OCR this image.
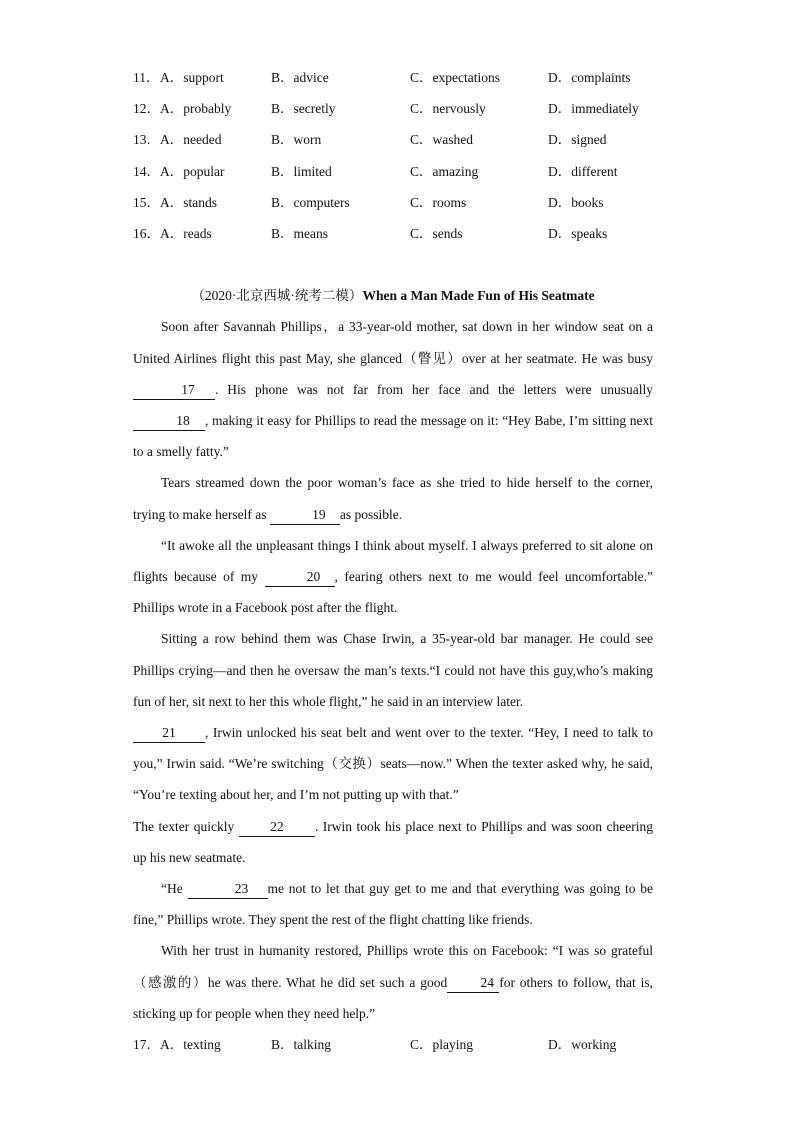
11． A．support	B．advice	C．expectations	D．complaints
12． A．probably	B．secretly	C．nervously	D．immediately
13． A．needed	B．worn	C．washed	D．signed
14． A．popular	B．limited	C．amazing	D．different
15． A．stands	B．computers	C．rooms	D．books
16． A．reads	B．means	C．sends	D．speaks
（2020·北京西城·统考二模）When a Man Made Fun of His Seatmate

Soon after Savannah Phillips，a 33-year-old mother, sat down in her window seat on a United Airlines flight this past May, she glanced（瞥见）over at her seatmate. He was busy 17 . His phone was not far from her face and the letters were unusually 18 , making it easy for Phillips to read the message on it: “Hey Babe, I’m sitting next to a smelly fatty.”

Tears streamed down the poor woman’s face as she tried to hide herself to the corner, trying to make herself as	19 as possible.

“It awoke all the unpleasant things I think about myself. I always preferred to sit alone on flights because of my	20 , fearing others next to me would feel uncomfortable.” Phillips wrote in a Facebook post after the flight.

Sitting a row behind them was Chase Irwin, a 35-year-old bar manager. He could see Phillips crying—and then he oversaw the man’s texts.“I could not have this guy,who’s making fun of her, sit next to her this whole flight,” he said in an interview later.

21 , Irwin unlocked his seat belt and went over to the texter. “Hey, I need to talk to you,” Irwin said. “We’re switching（交换）seats—now.” When the texter asked why, he said, “You’re texting about her, and I’m not putting up with that.”

The texter quickly 22 . Irwin took his place next to Phillips and was soon cheering up his new seatmate.

“He	23 me not to let that guy get to me and that everything was going to be fine,” Phillips wrote. They spent the rest of the flight chatting like friends.

With her trust in humanity restored, Phillips wrote this on Facebook: “I was so grateful（感激的）he was there. What he did set such a good 24 for others to follow, that is, sticking up for people when they need help.”

17． A．texting	B．talking	C．playing	D．working
